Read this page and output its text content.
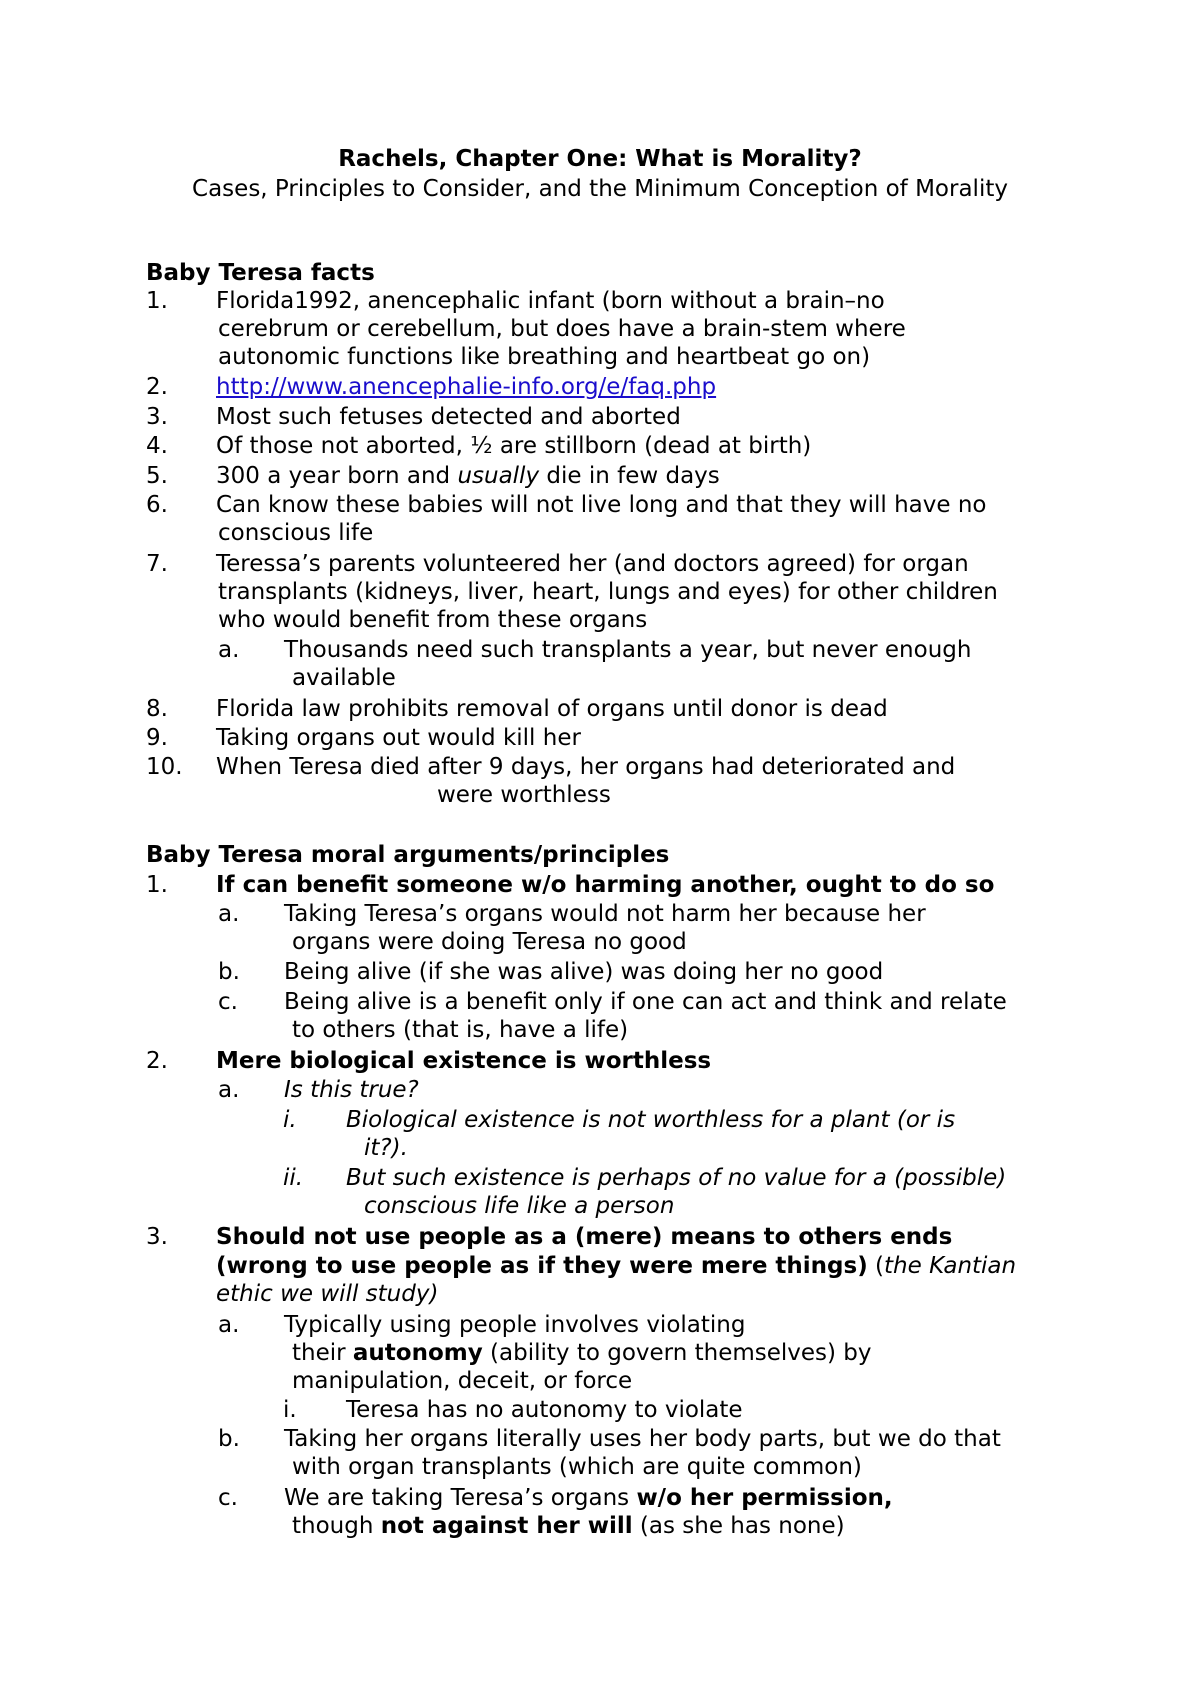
Rachels, Chapter One: What is Morality?
Cases, Principles to Consider, and the Minimum Conception of Morality
Baby Teresa facts
1. Florida1992, anencephalic infant (born without a brain–no
cerebrum or cerebellum, but does have a brain-stem where
autonomic functions like breathing and heartbeat go on)
2. http://www.anencephalie-info.org/e/faq.php
3. Most such fetuses detected and aborted
4. Of those not aborted, ½ are stillborn (dead at birth)
5. 300 a year born and usually die in few days
6. Can know these babies will not live long and that they will have no
conscious life
7. Teressa’s parents volunteered her (and doctors agreed) for organ
transplants (kidneys, liver, heart, lungs and eyes) for other children
who would benefit from these organs
a. Thousands need such transplants a year, but never enough
available
8. Florida law prohibits removal of organs until donor is dead
9. Taking organs out would kill her
10. When Teresa died after 9 days, her organs had deteriorated and
were worthless
Baby Teresa moral arguments/principles
1. If can benefit someone w/o harming another, ought to do so
a. Taking Teresa’s organs would not harm her because her
organs were doing Teresa no good
b. Being alive (if she was alive) was doing her no good
c. Being alive is a benefit only if one can act and think and relate
to others (that is, have a life)
2. Mere biological existence is worthless
a. Is this true?
i. Biological existence is not worthless for a plant (or is
it?).
ii. But such existence is perhaps of no value for a (possible)
conscious life like a person
3. Should not use people as a (mere) means to others ends
(wrong to use people as if they were mere things) (the Kantian
ethic we will study)
a. Typically using people involves violating
their autonomy (ability to govern themselves) by
manipulation, deceit, or force
i. Teresa has no autonomy to violate
b. Taking her organs literally uses her body parts, but we do that
with organ transplants (which are quite common)
c. We are taking Teresa’s organs w/o her permission,
though not against her will (as she has none)
